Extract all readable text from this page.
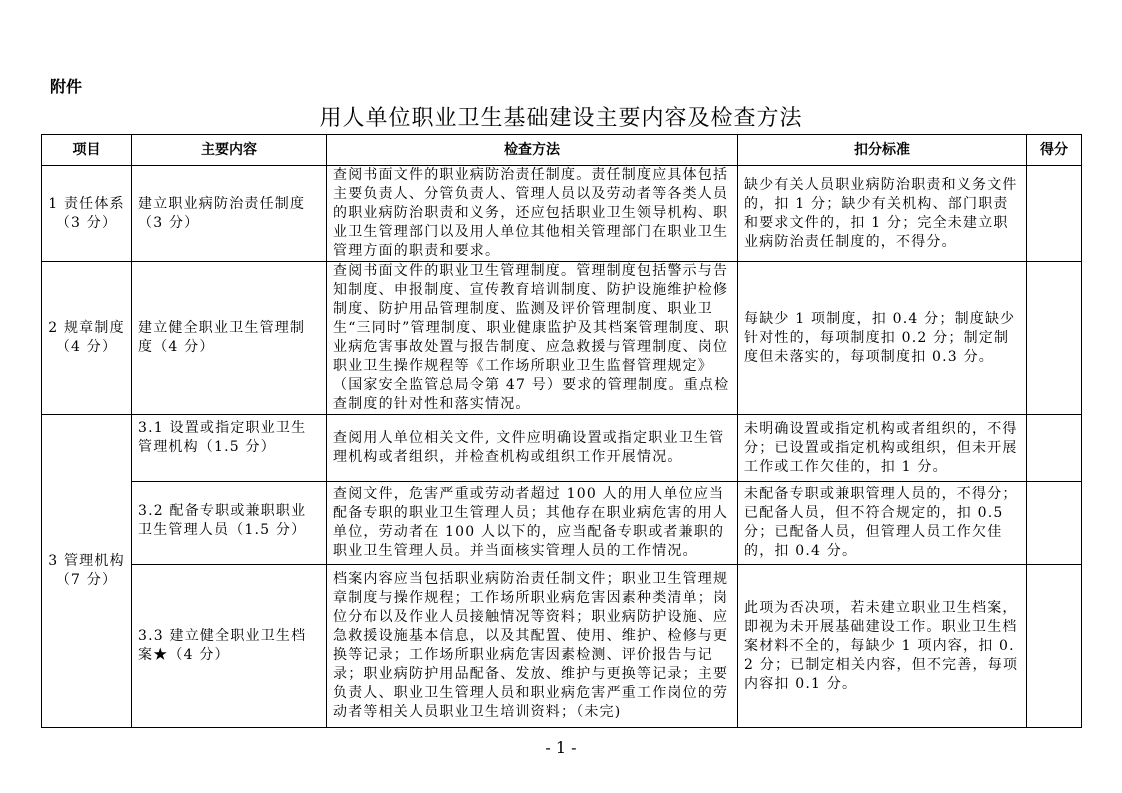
附件
用人单位职业卫生基础建设主要内容及检查方法
项目	主要内容	检查方法	扣分标准	得分
1 责任体系（3 分）	建立职业病防治责任制度（3 分）	查阅书面文件的职业病防治责任制度。责任制度应具体包括主要负责人、分管负责人、管理人员以及劳动者等各类人员的职业病防治职责和义务，还应包括职业卫生领导机构、职业卫生管理部门以及用人单位其他相关管理部门在职业卫生管理方面的职责和要求。	缺少有关人员职业病防治职责和义务文件的，扣 1 分；缺少有关机构、部门职责和要求文件的，扣 1 分；完全未建立职业病防治责任制度的，不得分。	
2 规章制度（4 分）	建立健全职业卫生管理制度（4 分）	查阅书面文件的职业卫生管理制度。管理制度包括警示与告知制度、申报制度、宣传教育培训制度、防护设施维护检修制度、防护用品管理制度、监测及评价管理制度、职业卫生“三同时”管理制度、职业健康监护及其档案管理制度、职业病危害事故处置与报告制度、应急救援与管理制度、岗位职业卫生操作规程等《工作场所职业卫生监督管理规定》（国家安全监管总局令第 47 号）要求的管理制度。重点检查制度的针对性和落实情况。	每缺少 1 项制度，扣 0.4 分；制度缺少针对性的，每项制度扣 0.2 分；制定制度但未落实的，每项制度扣 0.3 分。	
3 管理机构（7 分）	3.1 设置或指定职业卫生管理机构（1.5 分）	查阅用人单位相关文件, 文件应明确设置或指定职业卫生管理机构或者组织，并检查机构或组织工作开展情况。	未明确设置或指定机构或者组织的，不得分；已设置或指定机构或组织，但未开展工作或工作欠佳的，扣 1 分。	
	3.2 配备专职或兼职职业卫生管理人员（1.5 分）	查阅文件，危害严重或劳动者超过 100 人的用人单位应当配备专职的职业卫生管理人员；其他存在职业病危害的用人单位，劳动者在 100 人以下的，应当配备专职或者兼职的职业卫生管理人员。并当面核实管理人员的工作情况。	未配备专职或兼职管理人员的，不得分；已配备人员，但不符合规定的，扣 0.5 分；已配备人员，但管理人员工作欠佳的，扣 0.4 分。	
	3.3 建立健全职业卫生档案★（4 分）	档案内容应当包括职业病防治责任制文件；职业卫生管理规章制度与操作规程；工作场所职业病危害因素种类清单；岗位分布以及作业人员接触情况等资料；职业病防护设施、应急救援设施基本信息，以及其配置、使用、维护、检修与更换等记录；工作场所职业病危害因素检测、评价报告与记录；职业病防护用品配备、发放、维护与更换等记录；主要负责人、职业卫生管理人员和职业病危害严重工作岗位的劳动者等相关人员职业卫生培训资料；（未完)	此项为否决项，若未建立职业卫生档案，即视为未开展基础建设工作。职业卫生档案材料不全的，每缺少 1 项内容，扣 0.2 分；已制定相关内容，但不完善，每项内容扣 0.1 分。	
- 1 -
